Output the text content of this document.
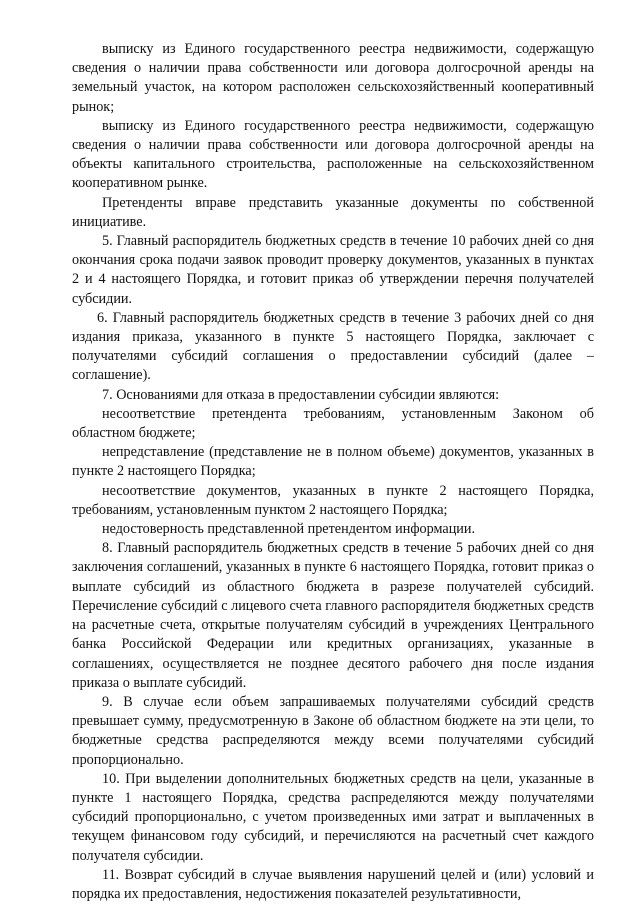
выписку из Единого государственного реестра недвижимости, содержащую сведения о наличии права собственности или договора долгосрочной аренды на земельный участок, на котором расположен сельскохозяйственный кооперативный рынок;

выписку из Единого государственного реестра недвижимости, содержащую сведения о наличии права собственности или договора долгосрочной аренды на объекты капитального строительства, расположенные на сельскохозяйственном кооперативном рынке.

Претенденты вправе представить указанные документы по собственной инициативе.

5. Главный распорядитель бюджетных средств в течение 10 рабочих дней со дня окончания срока подачи заявок проводит проверку документов, указанных в пунктах 2 и 4 настоящего Порядка, и готовит приказ об утверждении перечня получателей субсидии.

6. Главный распорядитель бюджетных средств в течение 3 рабочих дней со дня издания приказа, указанного в пункте 5 настоящего Порядка, заключает с получателями субсидий соглашения о предоставлении субсидий (далее – соглашение).

7. Основаниями для отказа в предоставлении субсидии являются:

несоответствие претендента требованиям, установленным Законом об областном бюджете;

непредставление (представление не в полном объеме) документов, указанных в пункте 2 настоящего Порядка;

несоответствие документов, указанных в пункте 2 настоящего Порядка, требованиям, установленным пунктом 2 настоящего Порядка;

недостоверность представленной претендентом информации.

8. Главный распорядитель бюджетных средств в течение 5 рабочих дней со дня заключения соглашений, указанных в пункте 6 настоящего Порядка, готовит приказ о выплате субсидий из областного бюджета в разрезе получателей субсидий. Перечисление субсидий с лицевого счета главного распорядителя бюджетных средств на расчетные счета, открытые получателям субсидий в учреждениях Центрального банка Российской Федерации или кредитных организациях, указанные в соглашениях, осуществляется не позднее десятого рабочего дня после издания приказа о выплате субсидий.

9. В случае если объем запрашиваемых получателями субсидий средств превышает сумму, предусмотренную в Законе об областном бюджете на эти цели, то бюджетные средства распределяются между всеми получателями субсидий пропорционально.

10. При выделении дополнительных бюджетных средств на цели, указанные в пункте 1 настоящего Порядка, средства распределяются между получателями субсидий пропорционально, с учетом произведенных ими затрат и выплаченных в текущем финансовом году субсидий, и перечисляются на расчетный счет каждого получателя субсидии.

11. Возврат субсидий в случае выявления нарушений целей и (или) условий и порядка их предоставления, недостижения показателей результативности,
